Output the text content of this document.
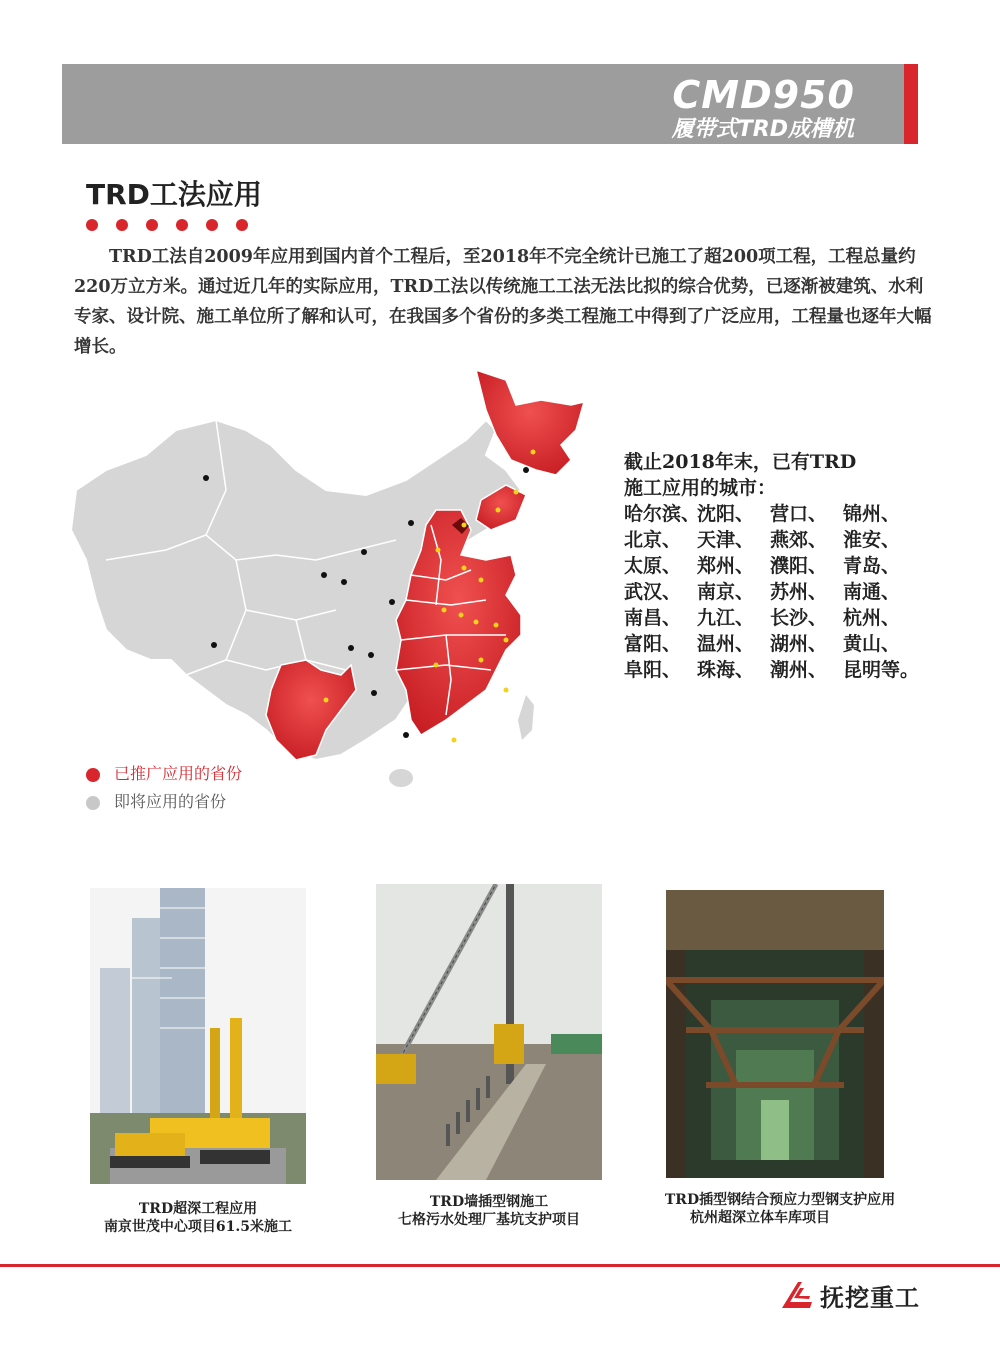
CMD950
履带式TRD成槽机
TRD工法应用

TRD工法自2009年应用到国内首个工程后，至2018年不完全统计已施工了超200项工程，工程总量约220万立方米。通过近几年的实际应用，TRD工法以传统施工工法无法比拟的综合优势，已逐渐被建筑、水利专家、设计院、施工单位所了解和认可，在我国多个省份的多类工程施工中得到了广泛应用，工程量也逐年大幅增长。

截止2018年末，已有TRD
施工应用的城市：
哈尔滨、沈阳、 营口、 锦州、
北京、 天津、 燕郊、 淮安、
太原、 郑州、 濮阳、 青岛、
武汉、 南京、 苏州、 南通、
南昌、 九江、 长沙、 杭州、
富阳、 温州、 湖州、 黄山、
阜阳、 珠海、 潮州、 昆明等。
已推广应用的省份
即将应用的省份
TRD超深工程应用
南京世茂中心项目61.5米施工
TRD墙插型钢施工
七格污水处理厂基坑支护项目
TRD插型钢结合预应力型钢支护应用
杭州超深立体车库项目
抚挖重工
